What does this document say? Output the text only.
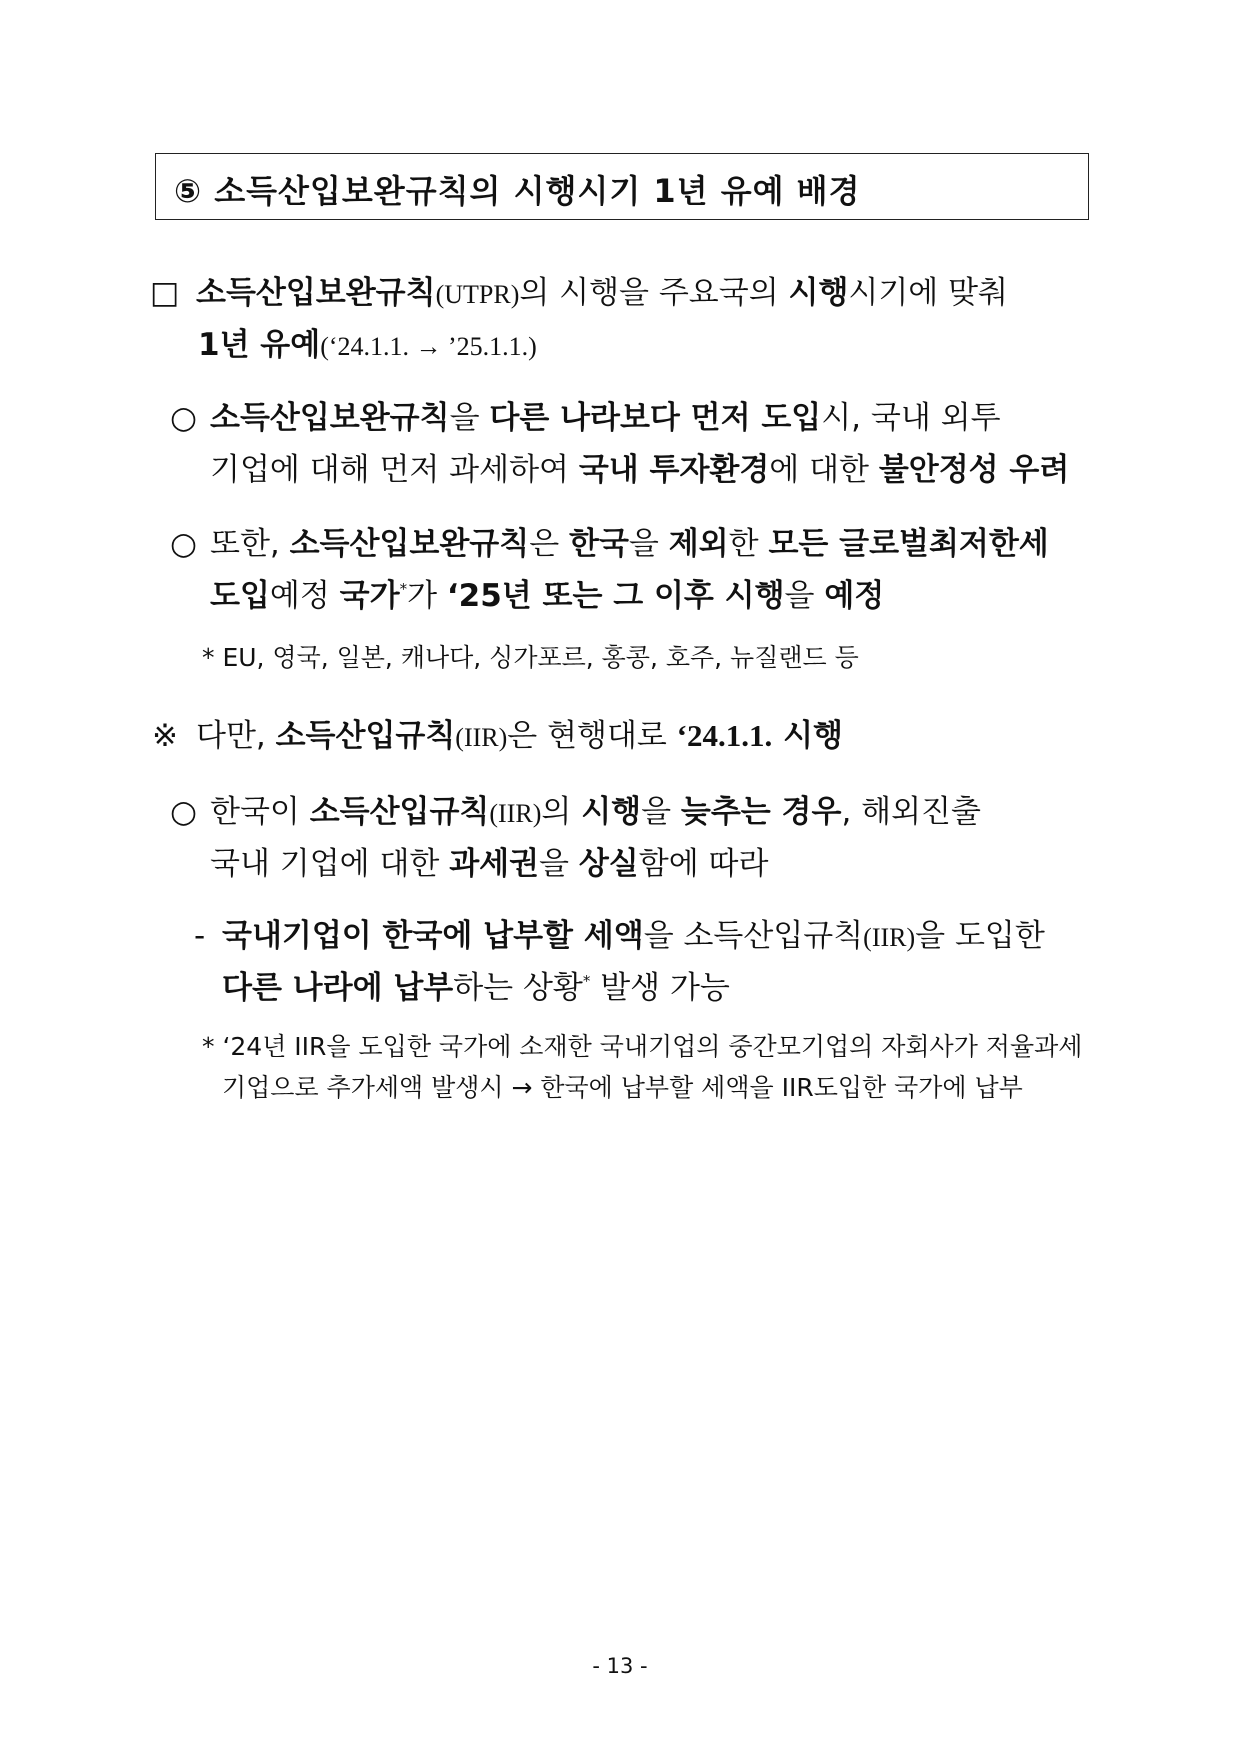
⑤ 소득산입보완규칙의 시행시기 1년 유예 배경
□ 소득산입보완규칙(UTPR)의 시행을 주요국의 시행시기에 맞춰
1년 유예(‘24.1.1. → ’25.1.1.)
○ 소득산입보완규칙을 다른 나라보다 먼저 도입시, 국내 외투
기업에 대해 먼저 과세하여 국내 투자환경에 대한 불안정성 우려
○ 또한, 소득산입보완규칙은 한국을 제외한 모든 글로벌최저한세
도입예정 국가*가 ‘25년 또는 그 이후 시행을 예정
* EU, 영국, 일본, 캐나다, 싱가포르, 홍콩, 호주, 뉴질랜드 등
※ 다만, 소득산입규칙(IIR)은 현행대로 ‘24.1.1. 시행
○ 한국이 소득산입규칙(IIR)의 시행을 늦추는 경우, 해외진출
국내 기업에 대한 과세권을 상실함에 따라
- 국내기업이 한국에 납부할 세액을 소득산입규칙(IIR)을 도입한
다른 나라에 납부하는 상황* 발생 가능
* ‘24년 IIR을 도입한 국가에 소재한 국내기업의 중간모기업의 자회사가 저율과세
기업으로 추가세액 발생시 → 한국에 납부할 세액을 IIR도입한 국가에 납부
- 13 -
